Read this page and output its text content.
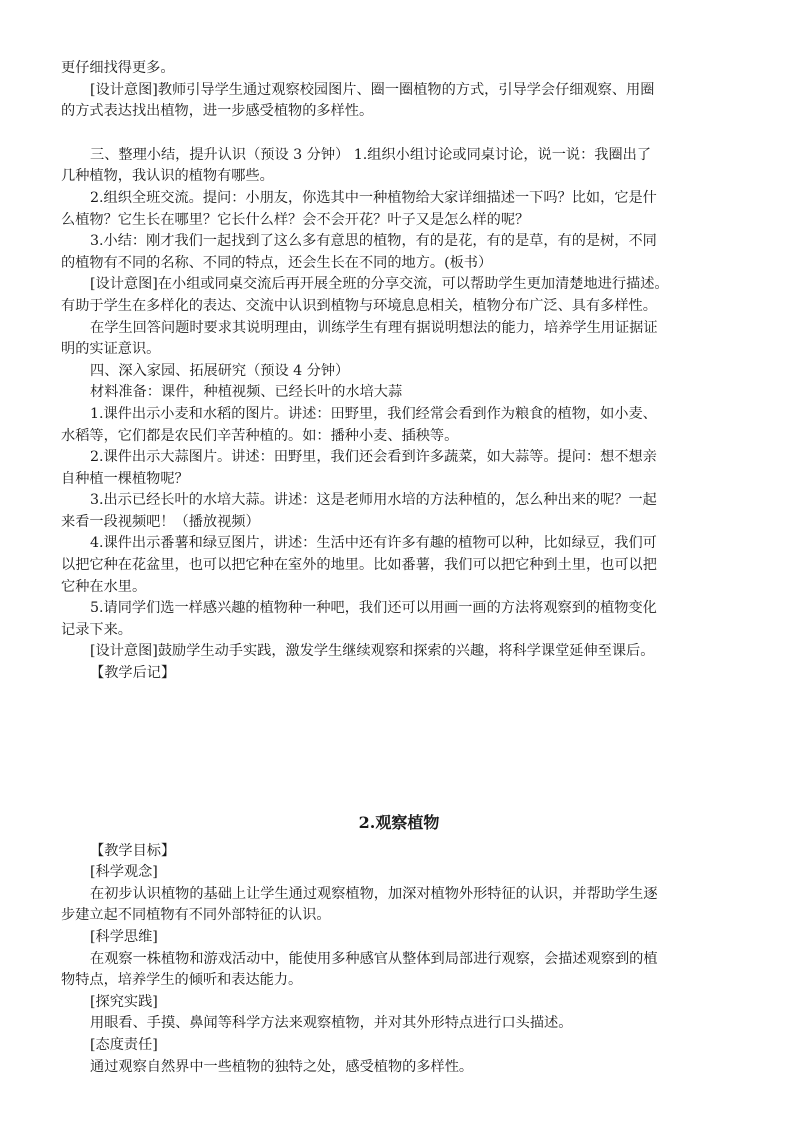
更仔细找得更多。

[设计意图]教师引导学生通过观察校园图片、圈一圈植物的方式，引导学会仔细观察、用圈

的方式表达找出植物，进一步感受植物的多样性。

三、整理小结，提升认识（预设 3 分钟） 1.组织小组讨论或同桌讨论，说一说：我圈出了

几种植物，我认识的植物有哪些。

2.组织全班交流。提问：小朋友，你选其中一种植物给大家详细描述一下吗？比如，它是什

么植物？它生长在哪里？它长什么样？会不会开花？叶子又是怎么样的呢？

3.小结：刚才我们一起找到了这么多有意思的植物，有的是花，有的是草，有的是树，不同

的植物有不同的名称、不同的特点，还会生长在不同的地方。(板书）

[设计意图]在小组或同桌交流后再开展全班的分享交流，可以帮助学生更加清楚地进行描述。

有助于学生在多样化的表达、交流中认识到植物与环境息息相关，植物分布广泛、具有多样性。

在学生回答问题时要求其说明理由，训练学生有理有据说明想法的能力，培养学生用证据证

明的实证意识。

四、深入家园、拓展研究（预设 4 分钟）

材料准备：课件，种植视频、已经长叶的水培大蒜

1.课件出示小麦和水稻的图片。讲述：田野里，我们经常会看到作为粮食的植物，如小麦、

水稻等，它们都是农民们辛苦种植的。如：播种小麦、插秧等。

2.课件出示大蒜图片。讲述：田野里，我们还会看到许多蔬菜，如大蒜等。提问：想不想亲

自种植一棵植物呢？

3.出示已经长叶的水培大蒜。讲述：这是老师用水培的方法种植的，怎么种出来的呢？一起

来看一段视频吧！（播放视频）

4.课件出示番薯和绿豆图片，讲述：生活中还有许多有趣的植物可以种，比如绿豆，我们可

以把它种在花盆里，也可以把它种在室外的地里。比如番薯，我们可以把它种到土里，也可以把

它种在水里。

5.请同学们选一样感兴趣的植物种一种吧，我们还可以用画一画的方法将观察到的植物变化

记录下来。

[设计意图]鼓励学生动手实践，激发学生继续观察和探索的兴趣，将科学课堂延伸至课后。

【教学后记】

2.观察植物

【教学目标】

[科学观念]

在初步认识植物的基础上让学生通过观察植物，加深对植物外形特征的认识，并帮助学生逐

步建立起不同植物有不同外部特征的认识。

[科学思维]

在观察一株植物和游戏活动中，能使用多种感官从整体到局部进行观察，会描述观察到的植

物特点，培养学生的倾听和表达能力。

[探究实践]

用眼看、手摸、鼻闻等科学方法来观察植物，并对其外形特点进行口头描述。

[态度责任]

通过观察自然界中一些植物的独特之处，感受植物的多样性。
